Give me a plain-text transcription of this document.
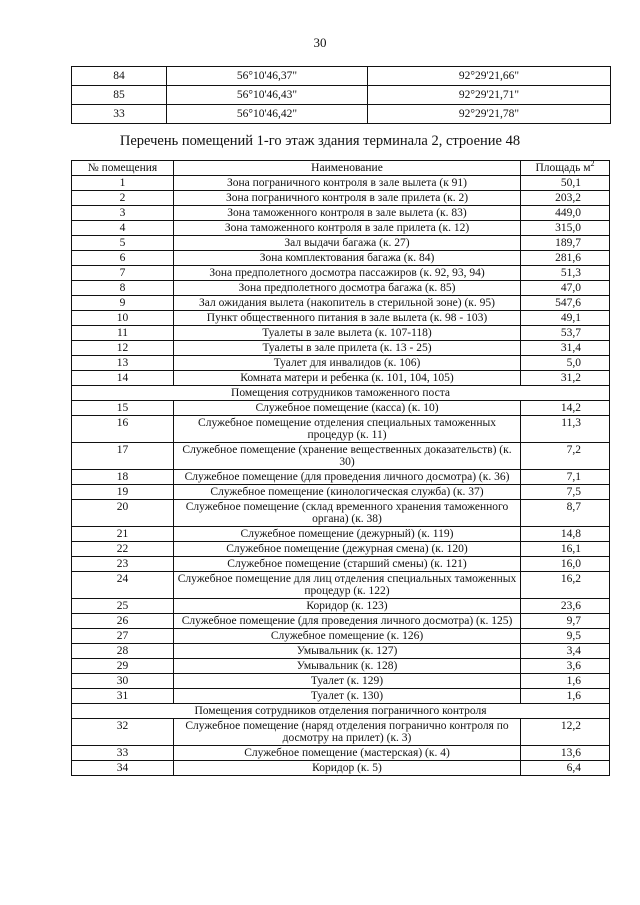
30
84	56°10'46,37"	92°29'21,66"
85	56°10'46,43"	92°29'21,71"
33	56°10'46,42"	92°29'21,78"
Перечень помещений 1-го этаж здания терминала 2, строение 48
№ помещения	Наименование	Площадь $м^2$
1	Зона пограничного контроля в зале вылета (к 91)	50,1
2	Зона пограничного контроля в зале прилета (к. 2)	203,2
3	Зона таможенного контроля в зале вылета (к. 83)	449,0
4	Зона таможенного контроля в зале прилета (к. 12)	315,0
5	Зал выдачи багажа (к. 27)	189,7
6	Зона комплектования багажа (к. 84)	281,6
7	Зона предполетного досмотра пассажиров (к. 92, 93, 94)	51,3
8	Зона предполетного досмотра багажа (к. 85)	47,0
9	Зал ожидания вылета (накопитель в стерильной зоне) (к. 95)	547,6
10	Пункт общественного питания в зале вылета (к. 98 - 103)	49,1
11	Туалеты в зале вылета (к. 107-118)	53,7
12	Туалеты в зале прилета (к. 13 - 25)	31,4
13	Туалет для инвалидов (к. 106)	5,0
14	Комната матери и ребенка (к. 101, 104, 105)	31,2
Помещения сотрудников таможенного поста		
15	Служебное помещение (касса) (к. 10)	14,2
16	Служебное помещение отделения специальных таможенных процедур (к. 11)	11,3
17	Служебное помещение (хранение вещественных доказательств) (к. 30)	7,2
18	Служебное помещение (для проведения личного досмотра) (к. 36)	7,1
19	Служебное помещение (кинологическая служба) (к. 37)	7,5
20	Служебное помещение (склад временного хранения таможенного органа) (к. 38)	8,7
21	Служебное помещение (дежурный) (к. 119)	14,8
22	Служебное помещение (дежурная смена) (к. 120)	16,1
23	Служебное помещение (старший смены) (к. 121)	16,0
24	Служебное помещение для лиц отделения специальных таможенных процедур (к. 122)	16,2
25	Коридор (к. 123)	23,6
26	Служебное помещение (для проведения личного досмотра) (к. 125)	9,7
27	Служебное помещение (к. 126)	9,5
28	Умывальник (к. 127)	3,4
29	Умывальник (к. 128)	3,6
30	Туалет (к. 129)	1,6
31	Туалет (к. 130)	1,6
Помещения сотрудников отделения пограничного контроля		
32	Служебное помещение (наряд отделения погранично контроля по досмотру на прилет) (к. 3)	12,2
33	Служебное помещение (мастерская) (к. 4)	13,6
34	Коридор (к. 5)	6,4
